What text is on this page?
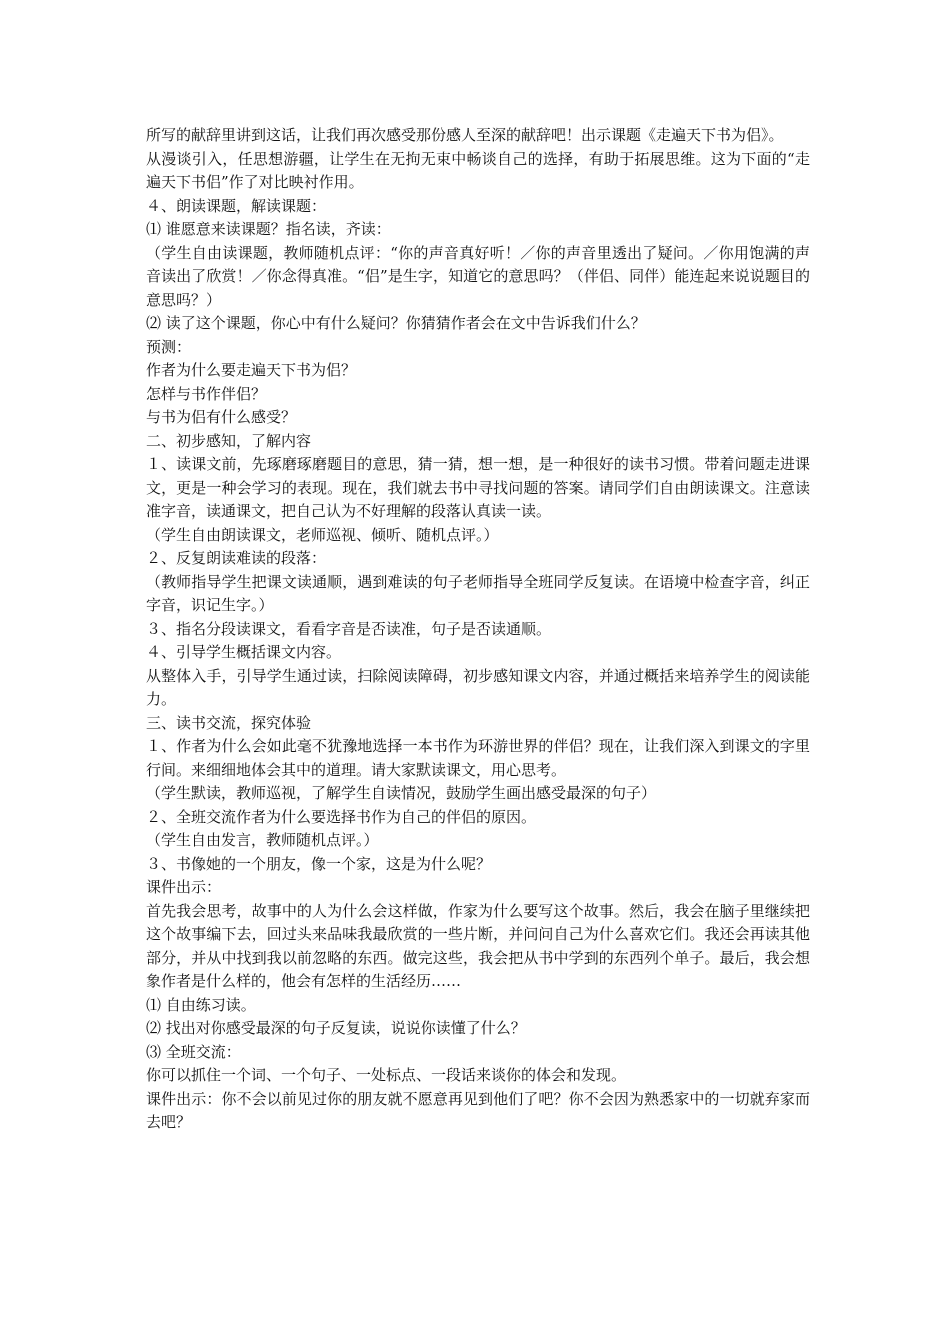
所写的献辞里讲到这话，让我们再次感受那份感人至深的献辞吧！出示课题《走遍天下书为侣》。

从漫谈引入，任思想游疆，让学生在无拘无束中畅谈自己的选择，有助于拓展思维。这为下面的“走遍天下书侣”作了对比映衬作用。

４、朗读课题，解读课题：

⑴ 谁愿意来读课题？指名读，齐读：

（学生自由读课题，教师随机点评：“你的声音真好听！／你的声音里透出了疑问。／你用饱满的声音读出了欣赏！／你念得真准。“侣”是生字，知道它的意思吗？（伴侣、同伴）能连起来说说题目的意思吗？）

⑵ 读了这个课题，你心中有什么疑问？你猜猜作者会在文中告诉我们什么？

预测：

作者为什么要走遍天下书为侣？

怎样与书作伴侣？

与书为侣有什么感受？

二、初步感知，了解内容

１、读课文前，先琢磨琢磨题目的意思，猜一猜，想一想，是一种很好的读书习惯。带着问题走进课文，更是一种会学习的表现。现在，我们就去书中寻找问题的答案。请同学们自由朗读课文。注意读准字音，读通课文，把自己认为不好理解的段落认真读一读。

（学生自由朗读课文，老师巡视、倾听、随机点评。）

２、反复朗读难读的段落：

（教师指导学生把课文读通顺，遇到难读的句子老师指导全班同学反复读。在语境中检查字音，纠正字音，识记生字。）

３、指名分段读课文，看看字音是否读准，句子是否读通顺。

４、引导学生概括课文内容。

从整体入手，引导学生通过读，扫除阅读障碍，初步感知课文内容，并通过概括来培养学生的阅读能力。

三、读书交流，探究体验

１、作者为什么会如此毫不犹豫地选择一本书作为环游世界的伴侣？现在，让我们深入到课文的字里行间。来细细地体会其中的道理。请大家默读课文，用心思考。

（学生默读，教师巡视，了解学生自读情况，鼓励学生画出感受最深的句子）

２、全班交流作者为什么要选择书作为自己的伴侣的原因。

（学生自由发言，教师随机点评。）

３、书像她的一个朋友，像一个家，这是为什么呢？

课件出示：

首先我会思考，故事中的人为什么会这样做，作家为什么要写这个故事。然后，我会在脑子里继续把这个故事编下去，回过头来品味我最欣赏的一些片断，并问问自己为什么喜欢它们。我还会再读其他部分，并从中找到我以前忽略的东西。做完这些，我会把从书中学到的东西列个单子。最后，我会想象作者是什么样的，他会有怎样的生活经历……

⑴ 自由练习读。

⑵ 找出对你感受最深的句子反复读，说说你读懂了什么？

⑶ 全班交流：

你可以抓住一个词、一个句子、一处标点、一段话来谈你的体会和发现。

课件出示：你不会以前见过你的朋友就不愿意再见到他们了吧？你不会因为熟悉家中的一切就弃家而去吧？
